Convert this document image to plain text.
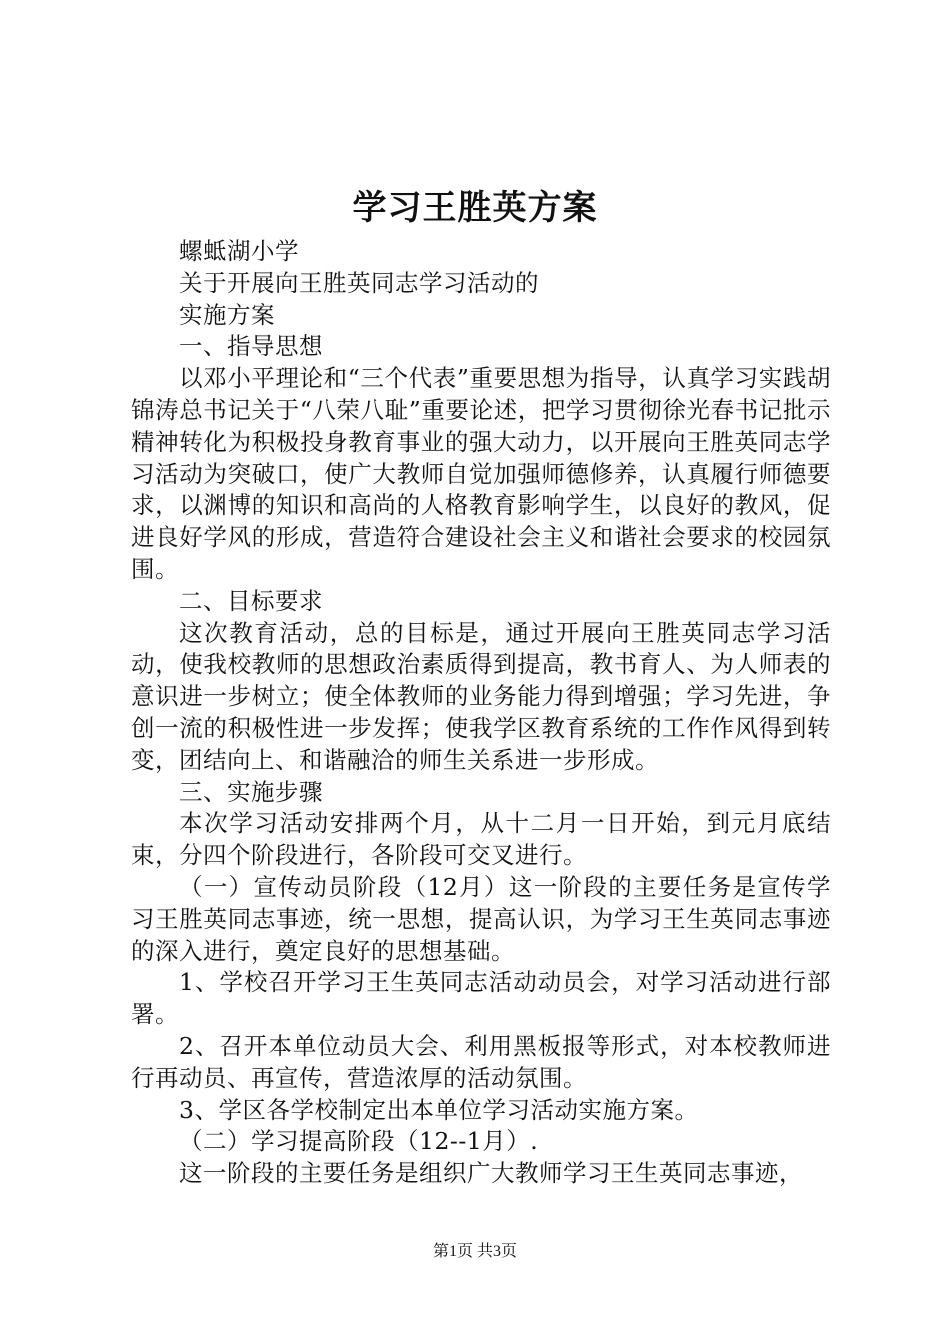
学习王胜英方案

螺蚳湖小学

关于开展向王胜英同志学习活动的

实施方案

一、指导思想

以邓小平理论和“三个代表”重要思想为指导，认真学习实践胡锦涛总书记关于“八荣八耻”重要论述，把学习贯彻徐光春书记批示精神转化为积极投身教育事业的强大动力，以开展向王胜英同志学习活动为突破口，使广大教师自觉加强师德修养，认真履行师德要求，以渊博的知识和高尚的人格教育影响学生，以良好的教风，促进良好学风的形成，营造符合建设社会主义和谐社会要求的校园氛围。

二、目标要求

这次教育活动，总的目标是，通过开展向王胜英同志学习活动，使我校教师的思想政治素质得到提高，教书育人、为人师表的意识进一步树立；使全体教师的业务能力得到增强；学习先进，争创一流的积极性进一步发挥；使我学区教育系统的工作作风得到转变，团结向上、和谐融洽的师生关系进一步形成。

三、实施步骤

本次学习活动安排两个月，从十二月一日开始，到元月底结束，分四个阶段进行，各阶段可交叉进行。

（一）宣传动员阶段（12月）这一阶段的主要任务是宣传学习王胜英同志事迹，统一思想，提高认识，为学习王生英同志事迹的深入进行，奠定良好的思想基础。

1、学校召开学习王生英同志活动动员会，对学习活动进行部署。

2、召开本单位动员大会、利用黑板报等形式，对本校教师进行再动员、再宣传，营造浓厚的活动氛围。

3、学区各学校制定出本单位学习活动实施方案。

（二）学习提高阶段（12--1月）.

这一阶段的主要任务是组织广大教师学习王生英同志事迹，

第1页 共3页
